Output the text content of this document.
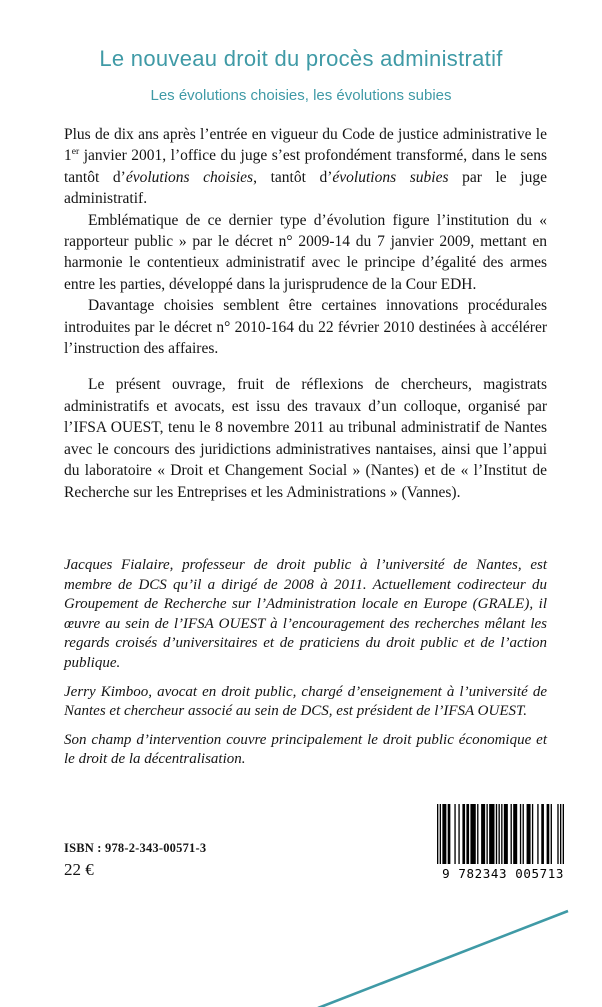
Le nouveau droit du procès administratif
Les évolutions choisies, les évolutions subies

Plus de dix ans après l’entrée en vigueur du Code de justice administrative le 1er janvier 2001, l’office du juge s’est profondément transformé, dans le sens tantôt d’évolutions choisies, tantôt d’évolutions subies par le juge administratif.

Emblématique de ce dernier type d’évolution figure l’institution du « rapporteur public » par le décret n° 2009-14 du 7 janvier 2009, mettant en harmonie le contentieux administratif avec le principe d’égalité des armes entre les parties, développé dans la jurisprudence de la Cour EDH.

Davantage choisies semblent être certaines innovations procédurales introduites par le décret n° 2010-164 du 22 février 2010 destinées à accélérer l’instruction des affaires.

Le présent ouvrage, fruit de réflexions de chercheurs, magistrats administratifs et avocats, est issu des travaux d’un colloque, organisé par l’IFSA OUEST, tenu le 8 novembre 2011 au tribunal administratif de Nantes avec le concours des juridictions administratives nantaises, ainsi que l’appui du laboratoire « Droit et Changement Social » (Nantes) et de « l’Institut de Recherche sur les Entreprises et les Administrations » (Vannes).

Jacques Fialaire, professeur de droit public à l’université de Nantes, est membre de DCS qu’il a dirigé de 2008 à 2011. Actuellement codirecteur du Groupement de Recherche sur l’Administration locale en Europe (GRALE), il œuvre au sein de l’IFSA OUEST à l’encouragement des recherches mêlant les regards croisés d’universitaires et de praticiens du droit public et de l’action publique.

Jerry Kimboo, avocat en droit public, chargé d’enseignement à l’université de Nantes et chercheur associé au sein de DCS, est président de l’IFSA OUEST.

Son champ d’intervention couvre principalement le droit public économique et le droit de la décentralisation.

ISBN : 978-2-343-00571-3
22 €	9 782343 005713
